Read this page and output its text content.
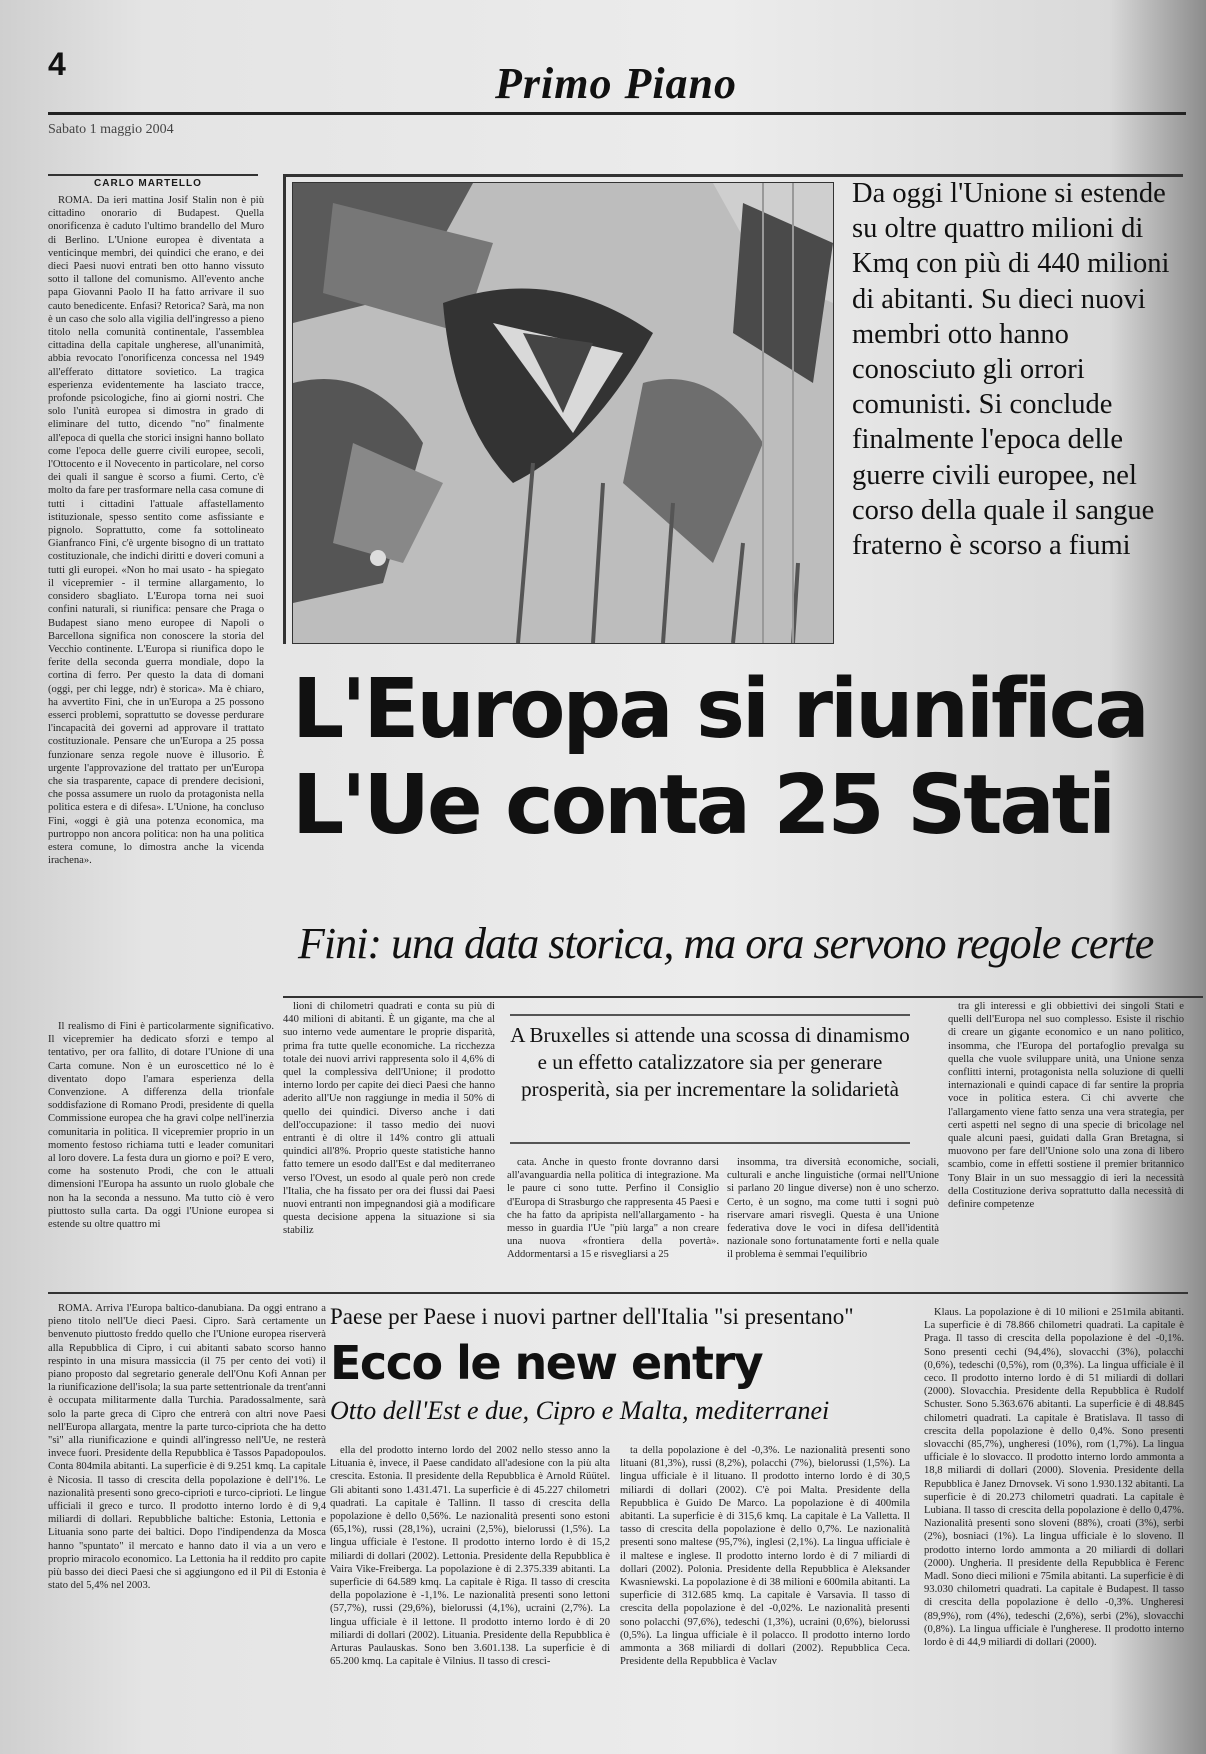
4	Primo Piano
Sabato 1 maggio 2004
CARLO MARTELLO

ROMA. Da ieri mattina Josif Stalin non è più cittadino onorario di Budapest. Quella onorificenza è caduto l'ultimo brandello del Muro di Berlino. L'Unione europea è diventata a venticinque membri, dei quindici che erano, e dei dieci Paesi nuovi entrati ben otto hanno vissuto sotto il tallone del comunismo. All'evento anche papa Giovanni Paolo II ha fatto arrivare il suo cauto benedicente. Enfasi? Retorica? Sarà, ma non è un caso che solo alla vigilia dell'ingresso a pieno titolo nella comunità continentale, l'assemblea cittadina della capitale ungherese, all'unanimità, abbia revocato l'onorificenza concessa nel 1949 all'efferato dittatore sovietico. La tragica esperienza evidentemente ha lasciato tracce, profonde psicologiche, fino ai giorni nostri. Che solo l'unità europea si dimostra in grado di eliminare del tutto, dicendo "no" finalmente all'epoca di quella che storici insigni hanno bollato come l'epoca delle guerre civili europee, secoli, l'Ottocento e il Novecento in particolare, nel corso dei quali il sangue è scorso a fiumi. Certo, c'è molto da fare per trasformare nella casa comune di tutti i cittadini l'attuale affastellamento istituzionale, spesso sentito come asfissiante e pignolo. Soprattutto, come fa sottolineato Gianfranco Fini, c'è urgente bisogno di un trattato costituzionale, che indichi diritti e doveri comuni a tutti gli europei. «Non ho mai usato - ha spiegato il vicepremier - il termine allargamento, lo considero sbagliato. L'Europa torna nei suoi confini naturali, si riunifica: pensare che Praga o Budapest siano meno europee di Napoli o Barcellona significa non conoscere la storia del Vecchio continente. L'Europa si riunifica dopo le ferite della seconda guerra mondiale, dopo la cortina di ferro. Per questo la data di domani (oggi, per chi legge, ndr) è storica». Ma è chiaro, ha avvertito Fini, che in un'Europa a 25 possono esserci problemi, soprattutto se dovesse perdurare l'incapacità dei governi ad approvare il trattato costituzionale. Pensare che un'Europa a 25 possa funzionare senza regole nuove è illusorio. È urgente l'approvazione del trattato per un'Europa che sia trasparente, capace di prendere decisioni, che possa assumere un ruolo da protagonista nella politica estera e di difesa». L'Unione, ha concluso Fini, «oggi è già una potenza economica, ma purtroppo non ancora politica: non ha una politica estera comune, lo dimostra anche la vicenda irachena».

Il realismo di Fini è particolarmente significativo. Il vicepremier ha dedicato sforzi e tempo al tentativo, per ora fallito, di dotare l'Unione di una Carta comune. Non è un euroscettico né lo è diventato dopo l'amara esperienza della Convenzione. A differenza della trionfale soddisfazione di Romano Prodi, presidente di quella Commissione europea che ha gravi colpe nell'inerzia comunitaria in politica. Il vicepremier proprio in un momento festoso richiama tutti e leader comunitari al loro dovere. La festa dura un giorno e poi? E vero, come ha sostenuto Prodi, che con le attuali dimensioni l'Europa ha assunto un ruolo globale che non ha la seconda a nessuno. Ma tutto ciò è vero piuttosto sulla carta. Da oggi l'Unione europea si estende su oltre quattro mi

Da oggi l'Unione si estende su oltre quattro milioni di Kmq con più di 440 milioni di abitanti. Su dieci nuovi membri otto hanno conosciuto gli orrori comunisti. Si conclude finalmente l'epoca delle guerre civili europee, nel corso della quale il sangue fraterno è scorso a fiumi
L'Europa si riunifica
L'Ue conta 25 Stati
Fini: una data storica, ma ora servono regole certe

lioni di chilometri quadrati e conta su più di 440 milioni di abitanti. È un gigante, ma che al suo interno vede aumentare le proprie disparità, prima fra tutte quelle economiche. La ricchezza totale dei nuovi arrivi rappresenta solo il 4,6% di quel la complessiva dell'Unione; il prodotto interno lordo per capite dei dieci Paesi che hanno aderito all'Ue non raggiunge in media il 50% di quello dei quindici. Diverso anche i dati dell'occupazione: il tasso medio dei nuovi entranti è di oltre il 14% contro gli attuali quindici all'8%. Proprio queste statistiche hanno fatto temere un esodo dall'Est e dal mediterraneo verso l'Ovest, un esodo al quale però non crede l'Italia, che ha fissato per ora dei flussi dai Paesi nuovi entranti non impegnandosi già a modificare questa decisione appena la situazione si sia stabiliz

A Bruxelles si attende una scossa di dinamismo e un effetto catalizzatore sia per generare prosperità, sia per incrementare la solidarietà

cata. Anche in questo fronte dovranno darsi all'avanguardia nella politica di integrazione. Ma le paure ci sono tutte. Perfino il Consiglio d'Europa di Strasburgo che rappresenta 45 Paesi e che ha fatto da apripista nell'allargamento - ha messo in guardia l'Ue "più larga" a non creare una nuova «frontiera della povertà». Addormentarsi a 15 e risvegliarsi a 25

insomma, tra diversità economiche, sociali, culturali e anche linguistiche (ormai nell'Unione si parlano 20 lingue diverse) non è uno scherzo. Certo, è un sogno, ma come tutti i sogni può riservare amari risvegli. Questa è una Unione federativa dove le voci in difesa dell'identità nazionale sono fortunatamente forti e nella quale il problema è semmai l'equilibrio

tra gli interessi e gli obbiettivi dei singoli Stati e quelli dell'Europa nel suo complesso. Esiste il rischio di creare un gigante economico e un nano politico, insomma, che l'Europa del portafoglio prevalga su quella che vuole sviluppare unità, una Unione senza conflitti interni, protagonista nella soluzione di quelli internazionali e quindi capace di far sentire la propria voce in politica estera. Ci chi avverte che l'allargamento viene fatto senza una vera strategia, per certi aspetti nel segno di una specie di bricolage nel quale alcuni paesi, guidati dalla Gran Bretagna, si muovono per fare dell'Unione solo una zona di libero scambio, come in effetti sostiene il premier britannico Tony Blair in un suo messaggio di ieri la necessità della Costituzione deriva soprattutto dalla necessità di definire competenze

ROMA. Arriva l'Europa baltico-danubiana. Da oggi entrano a pieno titolo nell'Ue dieci Paesi. Cipro. Sarà certamente un benvenuto piuttosto freddo quello che l'Unione europea riserverà alla Repubblica di Cipro, i cui abitanti sabato scorso hanno respinto in una misura massiccia (il 75 per cento dei voti) il piano proposto dal segretario generale dell'Onu Kofi Annan per la riunificazione dell'isola; la sua parte settentrionale da trent'anni è occupata militarmente dalla Turchia. Paradossalmente, sarà solo la parte greca di Cipro che entrerà con altri nove Paesi nell'Europa allargata, mentre la parte turco-cipriota che ha detto "sì" alla riunificazione e quindi all'ingresso nell'Ue, ne resterà invece fuori. Presidente della Repubblica è Tassos Papadopoulos. Conta 804mila abitanti. La superficie è di 9.251 kmq. La capitale è Nicosia. Il tasso di crescita della popolazione è dell'1%. Le nazionalità presenti sono greco-ciprioti e turco-ciprioti. Le lingue ufficiali il greco e turco. Il prodotto interno lordo è di 9,4 miliardi di dollari. Repubbliche baltiche: Estonia, Lettonia e Lituania sono parte dei baltici. Dopo l'indipendenza da Mosca hanno "spuntato" il mercato e hanno dato il via a un vero e proprio miracolo economico. La Lettonia ha il reddito pro capite più basso dei dieci Paesi che si aggiungono ed il Pil di Estonia è stato del 5,4% nel 2003.

Paese per Paese i nuovi partner dell'Italia "si presentano"
Ecco le new entry
Otto dell'Est e due, Cipro e Malta, mediterranei

ella del prodotto interno lordo del 2002 nello stesso anno la Lituania è, invece, il Paese candidato all'adesione con la più alta crescita. Estonia. Il presidente della Repubblica è Arnold Rüütel. Gli abitanti sono 1.431.471. La superficie è di 45.227 chilometri quadrati. La capitale è Tallinn. Il tasso di crescita della popolazione è dello 0,56%. Le nazionalità presenti sono estoni (65,1%), russi (28,1%), ucraini (2,5%), bielorussi (1,5%). La lingua ufficiale è l'estone. Il prodotto interno lordo è di 15,2 miliardi di dollari (2002). Lettonia. Presidente della Repubblica è Vaira Vike-Freiberga. La popolazione è di 2.375.339 abitanti. La superficie di 64.589 kmq. La capitale è Riga. Il tasso di crescita della popolazione è -1,1%. Le nazionalità presenti sono lettoni (57,7%), russi (29,6%), bielorussi (4,1%), ucraini (2,7%). La lingua ufficiale è il lettone. Il prodotto interno lordo è di 20 miliardi di dollari (2002). Lituania. Presidente della Repubblica è Arturas Paulauskas. Sono ben 3.601.138. La superficie è di 65.200 kmq. La capitale è Vilnius. Il tasso di cresci-

ta della popolazione è del -0,3%. Le nazionalità presenti sono lituani (81,3%), russi (8,2%), polacchi (7%), bielorussi (1,5%). La lingua ufficiale è il lituano. Il prodotto interno lordo è di 30,5 miliardi di dollari (2002). C'è poi Malta. Presidente della Repubblica è Guido De Marco. La popolazione è di 400mila abitanti. La superficie è di 315,6 kmq. La capitale è La Valletta. Il tasso di crescita della popolazione è dello 0,7%. Le nazionalità presenti sono maltese (95,7%), inglesi (2,1%). La lingua ufficiale è il maltese e inglese. Il prodotto interno lordo è di 7 miliardi di dollari (2002). Polonia. Presidente della Repubblica è Aleksander Kwasniewski. La popolazione è di 38 milioni e 600mila abitanti. La superficie di 312.685 kmq. La capitale è Varsavia. Il tasso di crescita della popolazione è del -0,02%. Le nazionalità presenti sono polacchi (97,6%), tedeschi (1,3%), ucraini (0,6%), bielorussi (0,5%). La lingua ufficiale è il polacco. Il prodotto interno lordo ammonta a 368 miliardi di dollari (2002). Repubblica Ceca. Presidente della Repubblica è Vaclav

Klaus. La popolazione è di 10 milioni e 251mila abitanti. La superficie è di 78.866 chilometri quadrati. La capitale è Praga. Il tasso di crescita della popolazione è del -0,1%. Sono presenti cechi (94,4%), slovacchi (3%), polacchi (0,6%), tedeschi (0,5%), rom (0,3%). La lingua ufficiale è il ceco. Il prodotto interno lordo è di 51 miliardi di dollari (2000). Slovacchia. Presidente della Repubblica è Rudolf Schuster. Sono 5.363.676 abitanti. La superficie è di 48.845 chilometri quadrati. La capitale è Bratislava. Il tasso di crescita della popolazione è dello 0,4%. Sono presenti slovacchi (85,7%), ungheresi (10%), rom (1,7%). La lingua ufficiale è lo slovacco. Il prodotto interno lordo ammonta a 18,8 miliardi di dollari (2000). Slovenia. Presidente della Repubblica è Janez Drnovsek. Vi sono 1.930.132 abitanti. La superficie è di 20.273 chilometri quadrati. La capitale è Lubiana. Il tasso di crescita della popolazione è dello 0,47%. Nazionalità presenti sono sloveni (88%), croati (3%), serbi (2%), bosniaci (1%). La lingua ufficiale è lo sloveno. Il prodotto interno lordo ammonta a 20 miliardi di dollari (2000). Ungheria. Il presidente della Repubblica è Ferenc Madl. Sono dieci milioni e 75mila abitanti. La superficie è di 93.030 chilometri quadrati. La capitale è Budapest. Il tasso di crescita della popolazione è dello -0,3%. Ungheresi (89,9%), rom (4%), tedeschi (2,6%), serbi (2%), slovacchi (0,8%). La lingua ufficiale è l'ungherese. Il prodotto interno lordo è di 44,9 miliardi di dollari (2000).
